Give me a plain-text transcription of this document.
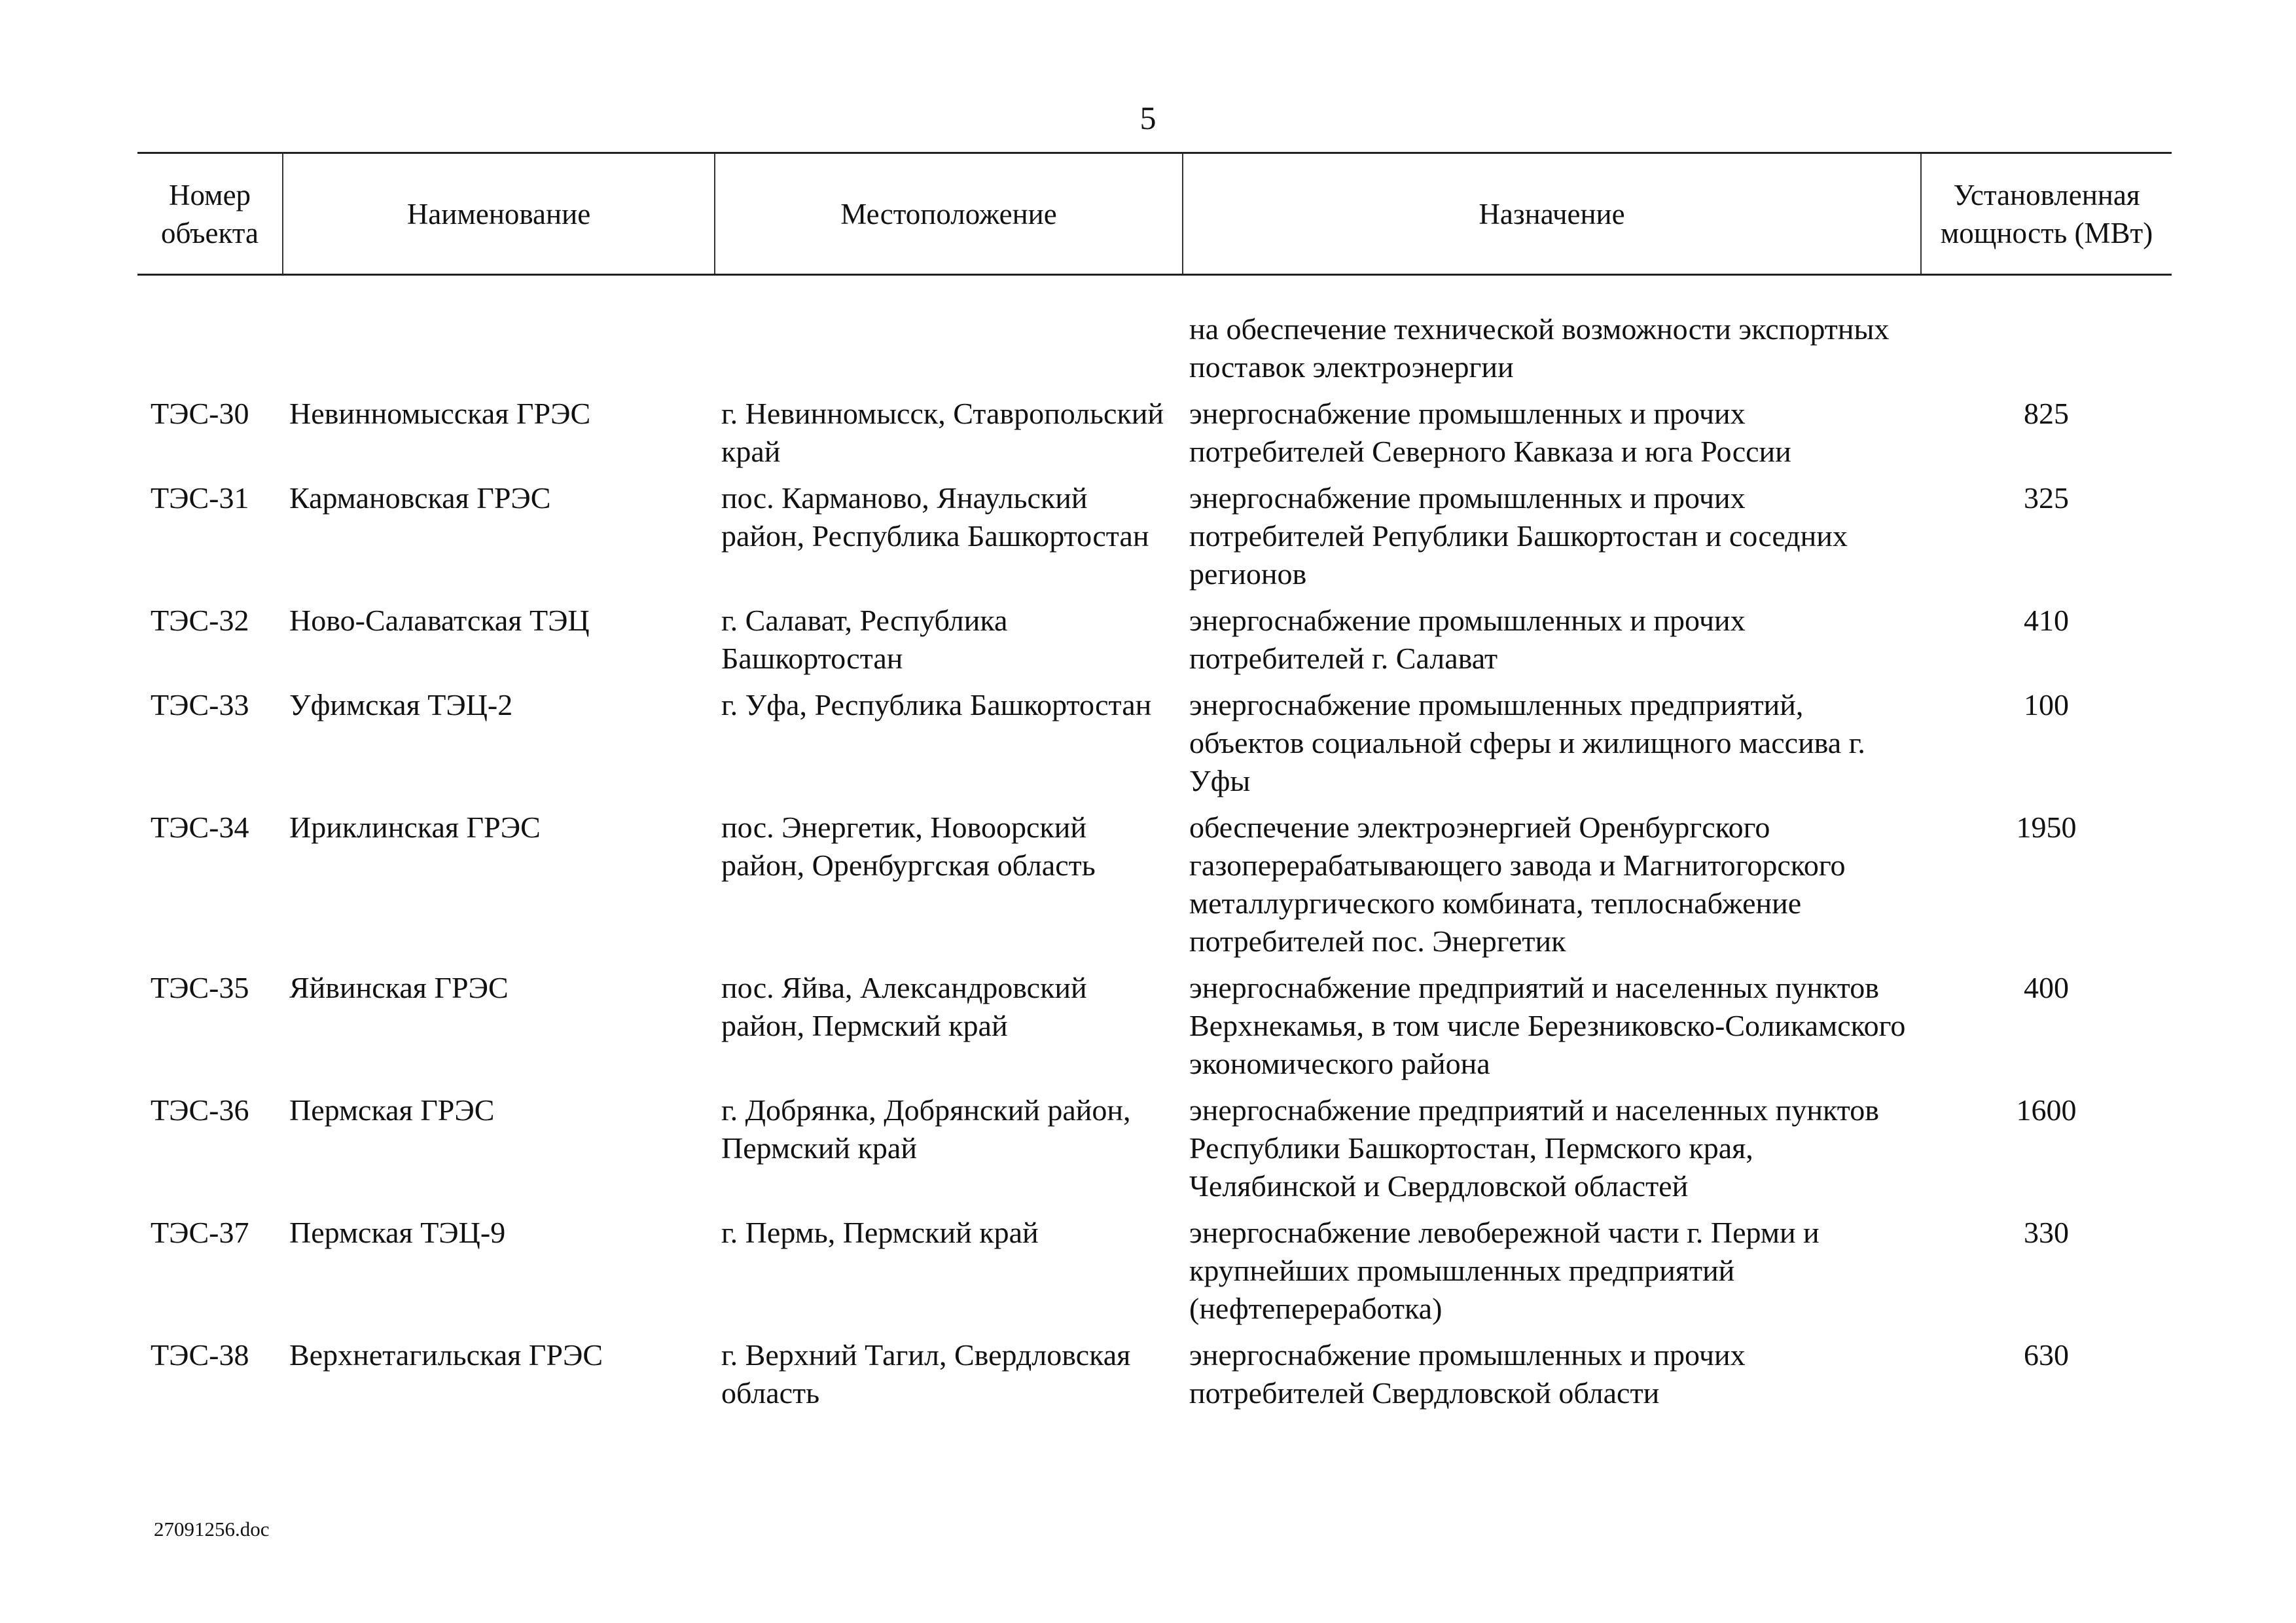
5
Номер объекта	Наименование	Местоположение	Назначение	Установленная мощность (МВт)

			на обеспечение технической возможности экспортных поставок электроэнергии	
ТЭС-30	Невинномысская ГРЭС	г. Невинномысск, Ставропольский край	энергоснабжение промышленных и прочих потребителей Северного Кавказа и юга России	825
ТЭС-31	Кармановская ГРЭС	пос. Карманово, Янаульский район, Республика Башкортостан	энергоснабжение промышленных и прочих потребителей Републики Башкортостан и соседних регионов	325
ТЭС-32	Ново-Салаватская ТЭЦ	г. Салават, Республика Башкортостан	энергоснабжение промышленных и прочих потребителей г. Салават	410
ТЭС-33	Уфимская ТЭЦ-2	г. Уфа, Республика Башкортостан	энергоснабжение промышленных предприятий, объектов социальной сферы и жилищного массива г. Уфы	100
ТЭС-34	Ириклинская ГРЭС	пос. Энергетик, Новоорский район, Оренбургская область	обеспечение электроэнергией Оренбургского газоперерабатывающего завода и Магнитогорского металлургического комбината, теплоснабжение потребителей пос. Энергетик	1950
ТЭС-35	Яйвинская ГРЭС	пос. Яйва, Александровский район, Пермский край	энергоснабжение предприятий и населенных пунктов Верхнекамья, в том числе Березниковско-Соликамского экономического района	400
ТЭС-36	Пермская ГРЭС	г. Добрянка, Добрянский район, Пермский край	энергоснабжение предприятий и населенных пунктов Республики Башкортостан, Пермского края, Челябинской и Свердловской областей	1600
ТЭС-37	Пермская ТЭЦ-9	г. Пермь, Пермский край	энергоснабжение левобережной части г. Перми и крупнейших промышленных предприятий (нефтепереработка)	330
ТЭС-38	Верхнетагильская ГРЭС	г. Верхний Тагил, Свердловская область	энергоснабжение промышленных и прочих потребителей Свердловской области	630
27091256.doc
